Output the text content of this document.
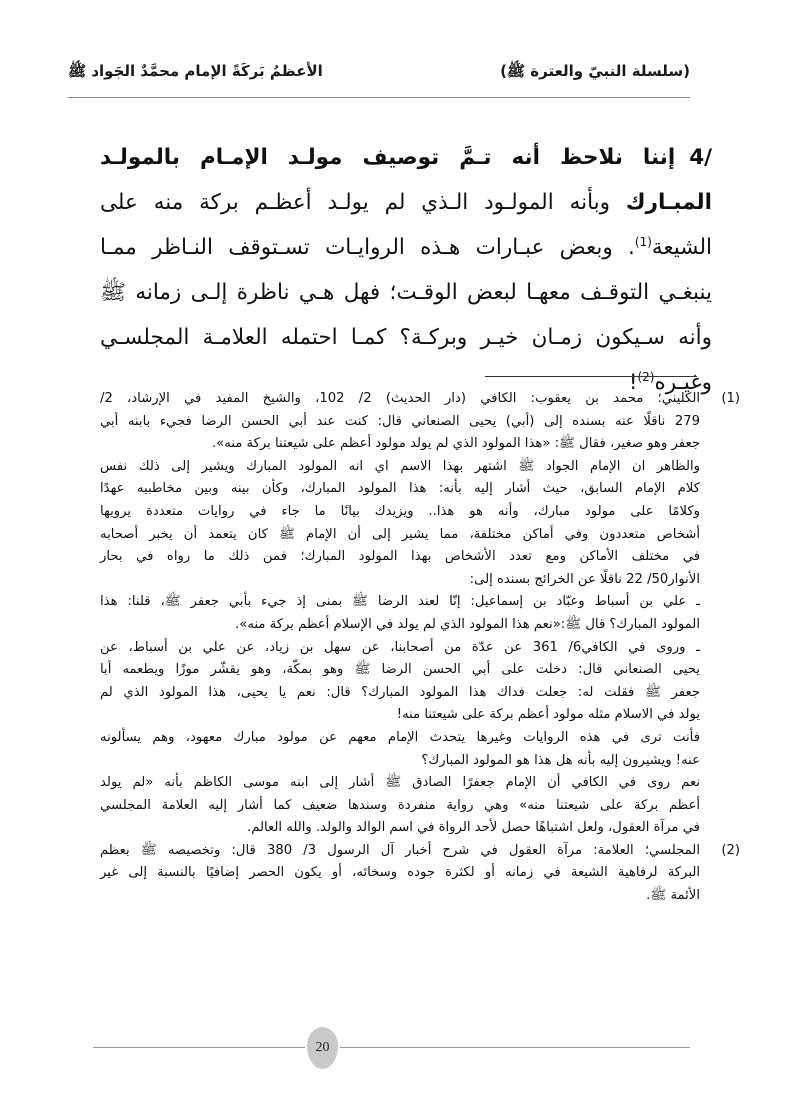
(سلسلة النبيّ والعترة ﷺ)
الأعظمُ بَركَةً الإمام محمَّدٌ الجَواد ﷺ
4/إننا نلاحظ أنه تـمَّ توصيف مولـد الإمـام بالمولـد المبـارك وبأنه المولـود الـذي لم يولـد أعظـم بركة منه على الشيعة$^{(1)}$. وبعض عبـارات هـذه الروايـات تسـتوقف النـاظر ممـا ينبغـي التوقـف معهـا لبعض الوقـت؛ فهل هـي ناظرة إلـى زمانه ﷺ وأنه سـيكون زمـان خيـر وبركـة؟ كمـا احتمله العلامـة المجلسـي وغيـره$^{(2)}$!
(1)
الكليني؛ محمد بن يعقوب: الكافي (دار الحديث) 2/ 102، والشيخ المفيد في الإرشاد، 2/
279 ناقلًا عنه بسنده إلى (أبي) يحيى الصنعاني قال: كنت عند أبي الحسن الرضا فجيء بابنه أبي
جعفر وهو صغير، فقال ﷺ: «هذا المولود الذي لم يولد مولود أعظم على شيعتنا بركة منه».
والظاهر ان الإمام الجواد ﷺ اشتهر بهذا الاسم اي انه المولود المبارك ويشير إلى ذلك نفس
كلام الإمام السابق، حيث أشار إليه بأنه: هذا المولود المبارك، وكأن بينه وبين مخاطبيه عهدًا
وكلامًا على مولود مبارك، وأنه هو هذا.. ويزيدك بيانًا ما جاء في روايات متعددة يرويها
أشخاص متعددون وفي أماكن مختلفة، مما يشير إلى أن الإمام ﷺ كان يتعمد أن يخبر أصحابه
في مختلف الأماكن ومع تعدد الأشخاص بهذا المولود المبارك؛ فمن ذلك ما رواه في بحار
الأنوار50/ 22 ناقلًا عن الخرائج بسنده إلى:
ـ علي بن أسباط وعبّاد بن إسماعيل: إنّا لعند الرضا ﷺ بمنى إذ جيء بأبي جعفر ﷺ، قلنا: هذا
المولود المبارك؟ قال ﷺ:«نعم هذا المولود الذي لم يولد في الإسلام أعظم بركة منه».
ـ وروى في الكافي6/ 361 عن عدّة من أصحابنا، عن سهل بن زياد، عن علي بن أسباط، عن
يحيى الصنعاني قال: دخلت على أبي الحسن الرضا ﷺ وهو بمكّة، وهو يقشّر موزًا ويطعمه أبا
جعفر ﷺ فقلت له: جعلت فداك هذا المولود المبارك؟ قال: نعم يا يحيى، هذا المولود الذي لم
يولد في الاسلام مثله مولود أعظم بركة على شيعتنا منه!
فأنت ترى في هذه الروايات وغيرها يتحدث الإمام معهم عن مولود مبارك معهود، وهم يسألونه
عنه! ويشيرون إليه بأنه هل هذا هو المولود المبارك؟
نعم روى في الكافي أن الإمام جعفرًا الصادق ﷺ أشار إلى ابنه موسى الكاظم بأنه «لم يولد
أعظم بركة على شيعتنا منه» وهي رواية منفردة وسندها ضعيف كما أشار إليه العلامة المجلسي
في مرآة العقول، ولعل اشتباهًا حصل لأحد الرواة في اسم الوالد والولد. والله العالم.
(2)
المجلسي؛ العلامة: مرآة العقول في شرح أخبار آل الرسول 3/ 380 قال: وتخصيصه ﷺ بعظم
البركة لرفاهية الشيعة في زمانه أو لكثرة جوده وسخائه، أو يكون الحصر إضافيًا بالنسبة إلى غير
الأئمة ﷺ.
20
